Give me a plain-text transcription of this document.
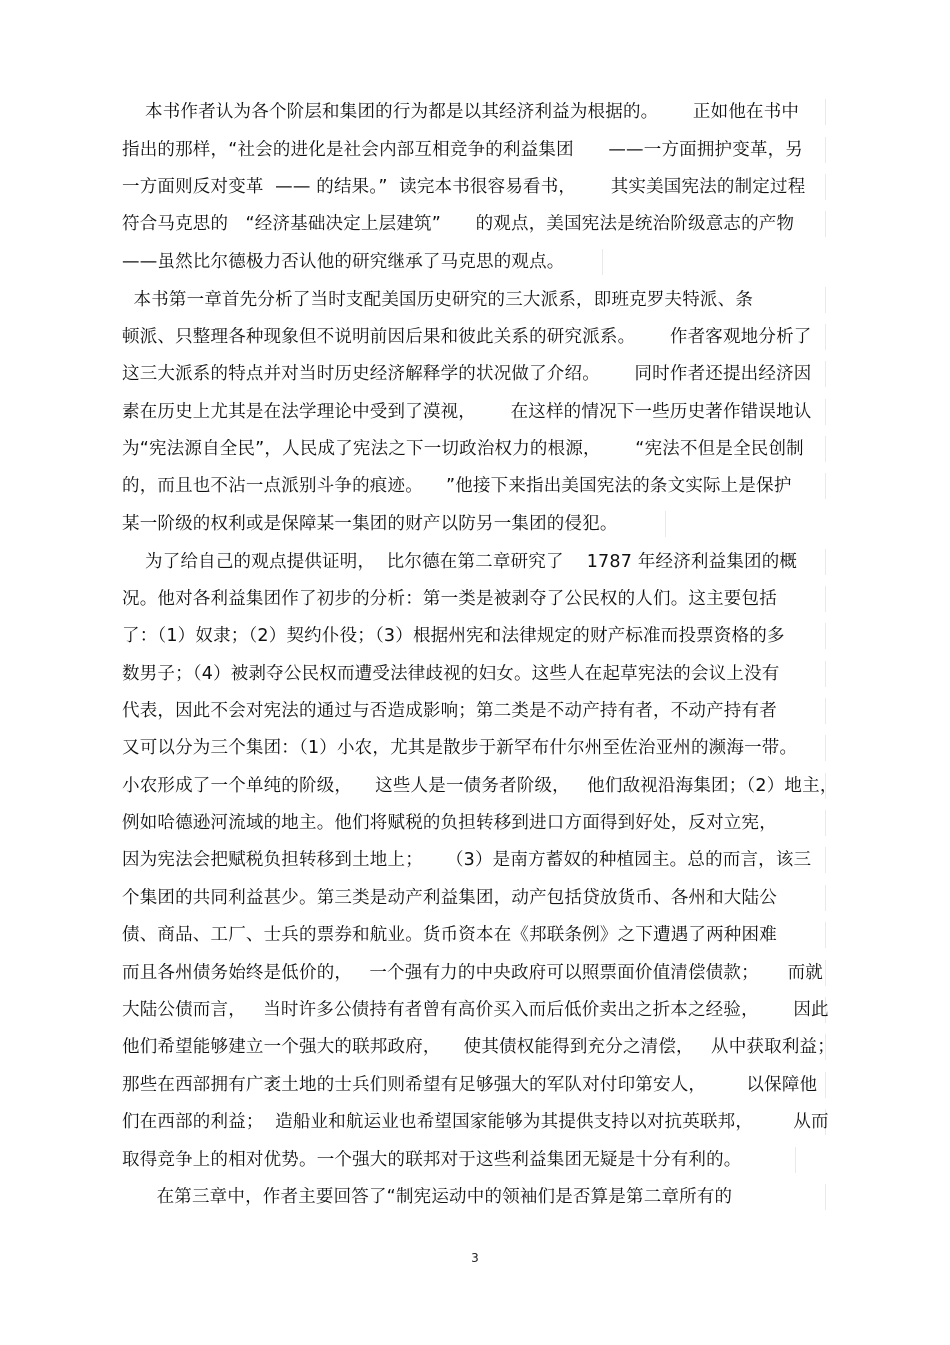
本书作者认为各个阶层和集团的行为都是以其经济利益为根据的。      正如他在书中
指出的那样，“社会的进化是社会内部互相竞争的利益集团      ——一方面拥护变革，另
一方面则反对变革  —— 的结果。”  读完本书很容易看书，      其实美国宪法的制定过程
符合马克思的   “经济基础决定上层建筑”      的观点，美国宪法是统治阶级意志的产物
——虽然比尔德极力否认他的研究继承了马克思的观点。
本书第一章首先分析了当时支配美国历史研究的三大派系，即班克罗夫特派、条
顿派、只整理各种现象但不说明前因后果和彼此关系的研究派系。      作者客观地分析了
这三大派系的特点并对当时历史经济解释学的状况做了介绍。      同时作者还提出经济因
素在历史上尤其是在法学理论中受到了漠视，      在这样的情况下一些历史著作错误地认
为“宪法源自全民”，人民成了宪法之下一切政治权力的根源，      “宪法不但是全民创制
的，而且也不沾一点派别斗争的痕迹。    ”他接下来指出美国宪法的条文实际上是保护
某一阶级的权利或是保障某一集团的财产以防另一集团的侵犯。
为了给自己的观点提供证明，  比尔德在第二章研究了    1787 年经济利益集团的概
况。他对各利益集团作了初步的分析：第一类是被剥夺了公民权的人们。这主要包括
了：（1）奴隶；（2）契约仆役；（3）根据州宪和法律规定的财产标准而投票资格的多
数男子；（4）被剥夺公民权而遭受法律歧视的妇女。这些人在起草宪法的会议上没有
代表，因此不会对宪法的通过与否造成影响；第二类是不动产持有者，不动产持有者
又可以分为三个集团：（1）小农，尤其是散步于新罕布什尔州至佐治亚州的濒海一带。
小农形成了一个单纯的阶级，    这些人是一债务者阶级，   他们敌视沿海集团；（2）地主，
例如哈德逊河流域的地主。他们将赋税的负担转移到进口方面得到好处，反对立宪，
因为宪法会把赋税负担转移到土地上；    （3）是南方蓄奴的种植园主。总的而言，该三
个集团的共同利益甚少。第三类是动产利益集团，动产包括贷放货币、各州和大陆公
债、商品、工厂、士兵的票券和航业。货币资本在《邦联条例》之下遭遇了两种困难
而且各州债务始终是低价的，   一个强有力的中央政府可以照票面价值清偿债款；     而就
大陆公债而言，   当时许多公债持有者曾有高价买入而后低价卖出之折本之经验，      因此
他们希望能够建立一个强大的联邦政府，    使其债权能得到充分之清偿，   从中获取利益；
那些在西部拥有广袤土地的士兵们则希望有足够强大的军队对付印第安人，       以保障他
们在西部的利益；  造船业和航运业也希望国家能够为其提供支持以对抗英联邦，       从而
取得竞争上的相对优势。一个强大的联邦对于这些利益集团无疑是十分有利的。
在第三章中，作者主要回答了“制宪运动中的领袖们是否算是第二章所有的
3
